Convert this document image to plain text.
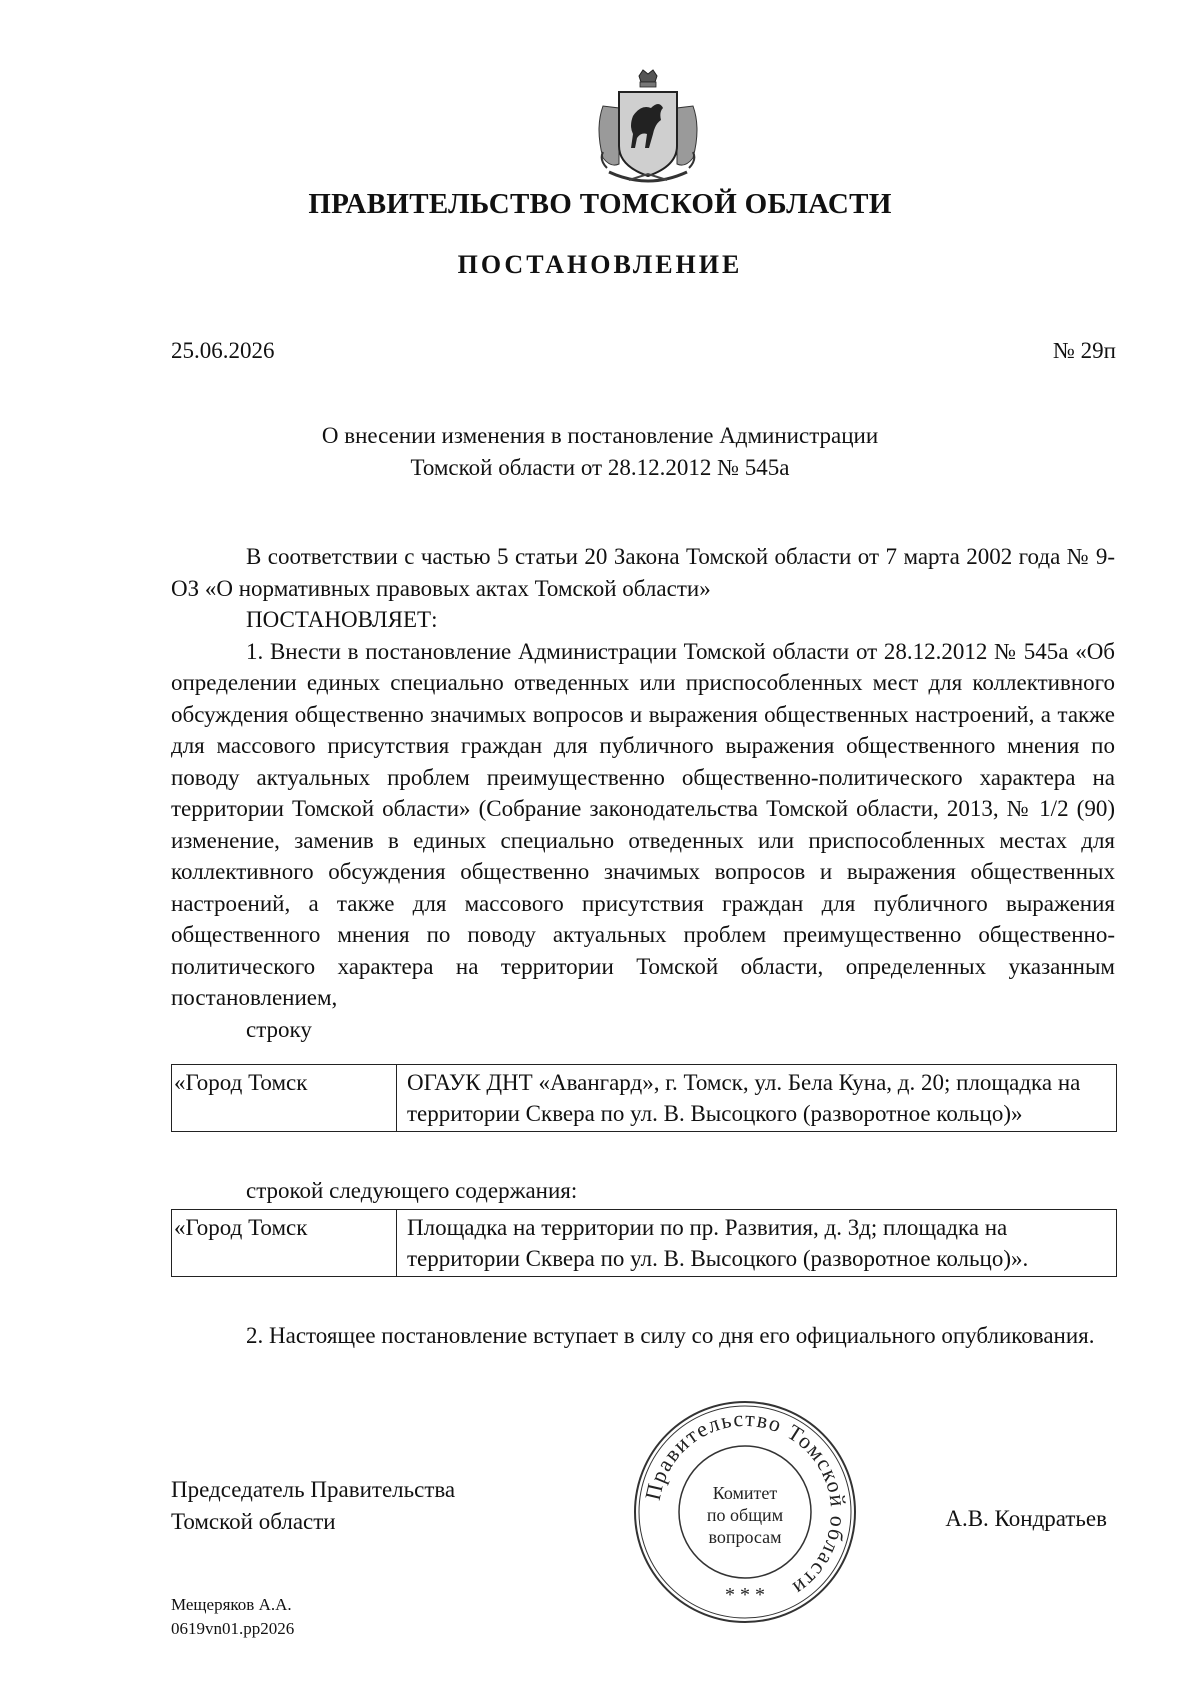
ПРАВИТЕЛЬСТВО ТОМСКОЙ ОБЛАСТИ
ПОСТАНОВЛЕНИЕ
25.06.2026	№ 29п
О внесении изменения в постановление Администрации
Томской области от 28.12.2012 № 545а

В соответствии с частью 5 статьи 20 Закона Томской области от 7 марта 2002 года № 9-ОЗ «О нормативных правовых актах Томской области»

ПОСТАНОВЛЯЕТ:

1. Внести в постановление Администрации Томской области от 28.12.2012 № 545а «Об определении единых специально отведенных или приспособленных мест для коллективного обсуждения общественно значимых вопросов и выражения общественных настроений, а также для массового присутствия граждан для публичного выражения общественного мнения по поводу актуальных проблем преимущественно общественно-политического характера на территории Томской области» (Собрание законодательства Томской области, 2013, № 1/2 (90) изменение, заменив в единых специально отведенных или приспособленных местах для коллективного обсуждения общественно значимых вопросов и выражения общественных настроений, а также для массового присутствия граждан для публичного выражения общественного мнения по поводу актуальных проблем преимущественно общественно-политического характера на территории Томской области, определенных указанным постановлением,

строку

«Город Томск	ОГАУК ДНТ «Авангард», г. Томск, ул. Бела Куна, д. 20; площадка на территории Сквера по ул. В. Высоцкого (разворотное кольцо)»

строкой следующего содержания:

«Город Томск	Площадка на территории по пр. Развития, д. 3д; площадка на территории Сквера по ул. В. Высоцкого (разворотное кольцо)».

2. Настоящее постановление вступает в силу со дня его официального опубликования.

Председатель Правительства
Томской области	А.В. Кондратьев
Правительство Томской области
Комитет
по общим
вопросам
* * *
Мещеряков А.А.
0619vn01.pp2026
